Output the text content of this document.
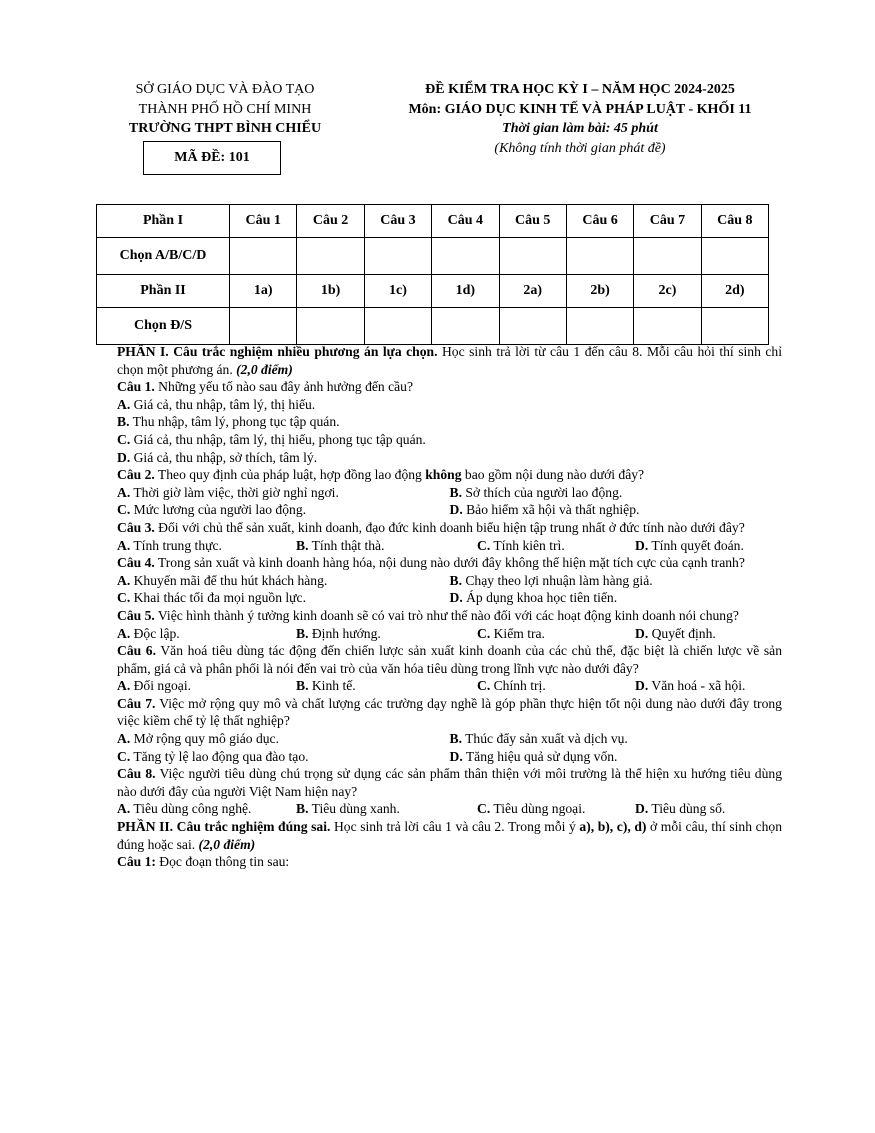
SỞ GIÁO DỤC VÀ ĐÀO TẠO
THÀNH PHỐ HỒ CHÍ MINH
TRƯỜNG THPT BÌNH CHIỂU
MÃ ĐỀ: 101
ĐỀ KIỂM TRA HỌC KỲ I – NĂM HỌC 2024-2025
Môn: GIÁO DỤC KINH TẾ VÀ PHÁP LUẬT - KHỐI 11
Thời gian làm bài: 45 phút
(Không tính thời gian phát đề)
Phần I	Câu 1	Câu 2	Câu 3	Câu 4	Câu 5	Câu 6	Câu 7	Câu 8
Chọn A/B/C/D								
Phần II	1a)	1b)	1c)	1d)	2a)	2b)	2c)	2d)
Chọn Đ/S								

PHẦN I. Câu trắc nghiệm nhiều phương án lựa chọn. Học sinh trả lời từ câu 1 đến câu 8. Mỗi câu hỏi thí sinh chỉ chọn một phương án. (2,0 điểm)

Câu 1. Những yếu tố nào sau đây ảnh hưởng đến cầu?

A. Giá cả, thu nhập, tâm lý, thị hiếu.

B. Thu nhập, tâm lý, phong tục tập quán.

C. Giá cả, thu nhập, tâm lý, thị hiếu, phong tục tập quán.

D. Giá cả, thu nhập, sở thích, tâm lý.

Câu 2. Theo quy định của pháp luật, hợp đồng lao động không bao gồm nội dung nào dưới đây?

A. Thời giờ làm việc, thời giờ nghỉ ngơi.	B. Sở thích của người lao động.
C. Mức lương của người lao động.	D. Bảo hiểm xã hội và thất nghiệp.

Câu 3. Đối với chủ thể sản xuất, kinh doanh, đạo đức kinh doanh biểu hiện tập trung nhất ở đức tính nào dưới đây?

A. Tính trung thực.	B. Tính thật thà.	C. Tính kiên trì.	D. Tính quyết đoán.

Câu 4. Trong sản xuất và kinh doanh hàng hóa, nội dung nào dưới đây không thể hiện mặt tích cực của cạnh tranh?

A. Khuyến mãi để thu hút khách hàng.	B. Chạy theo lợi nhuận làm hàng giả.
C. Khai thác tối đa mọi nguồn lực.	D. Áp dụng khoa học tiên tiến.

Câu 5. Việc hình thành ý tưởng kinh doanh sẽ có vai trò như thế nào đối với các hoạt động kinh doanh nói chung?

A. Độc lập.	B. Định hướng.	C. Kiểm tra.	D. Quyết định.

Câu 6. Văn hoá tiêu dùng tác động đến chiến lược sản xuất kinh doanh của các chủ thể, đặc biệt là chiến lược về sản phẩm, giá cả và phân phối là nói đến vai trò của văn hóa tiêu dùng trong lĩnh vực nào dưới đây?

A. Đối ngoại.	B. Kinh tế.	C. Chính trị.	D. Văn hoá - xã hội.

Câu 7. Việc mở rộng quy mô và chất lượng các trường dạy nghề là góp phần thực hiện tốt nội dung nào dưới đây trong việc kiềm chế tỷ lệ thất nghiệp?

A. Mở rộng quy mô giáo dục.	B. Thúc đẩy sản xuất và dịch vụ.
C. Tăng tỷ lệ lao động qua đào tạo.	D. Tăng hiệu quả sử dụng vốn.

Câu 8. Việc người tiêu dùng chú trọng sử dụng các sản phẩm thân thiện với môi trường là thể hiện xu hướng tiêu dùng nào dưới đây của người Việt Nam hiện nay?

A. Tiêu dùng công nghệ.	B. Tiêu dùng xanh.	C. Tiêu dùng ngoại.	D. Tiêu dùng số.

PHẦN II. Câu trắc nghiệm đúng sai. Học sinh trả lời câu 1 và câu 2. Trong mỗi ý a), b), c), d) ở mỗi câu, thí sinh chọn đúng hoặc sai. (2,0 điểm)

Câu 1: Đọc đoạn thông tin sau:
